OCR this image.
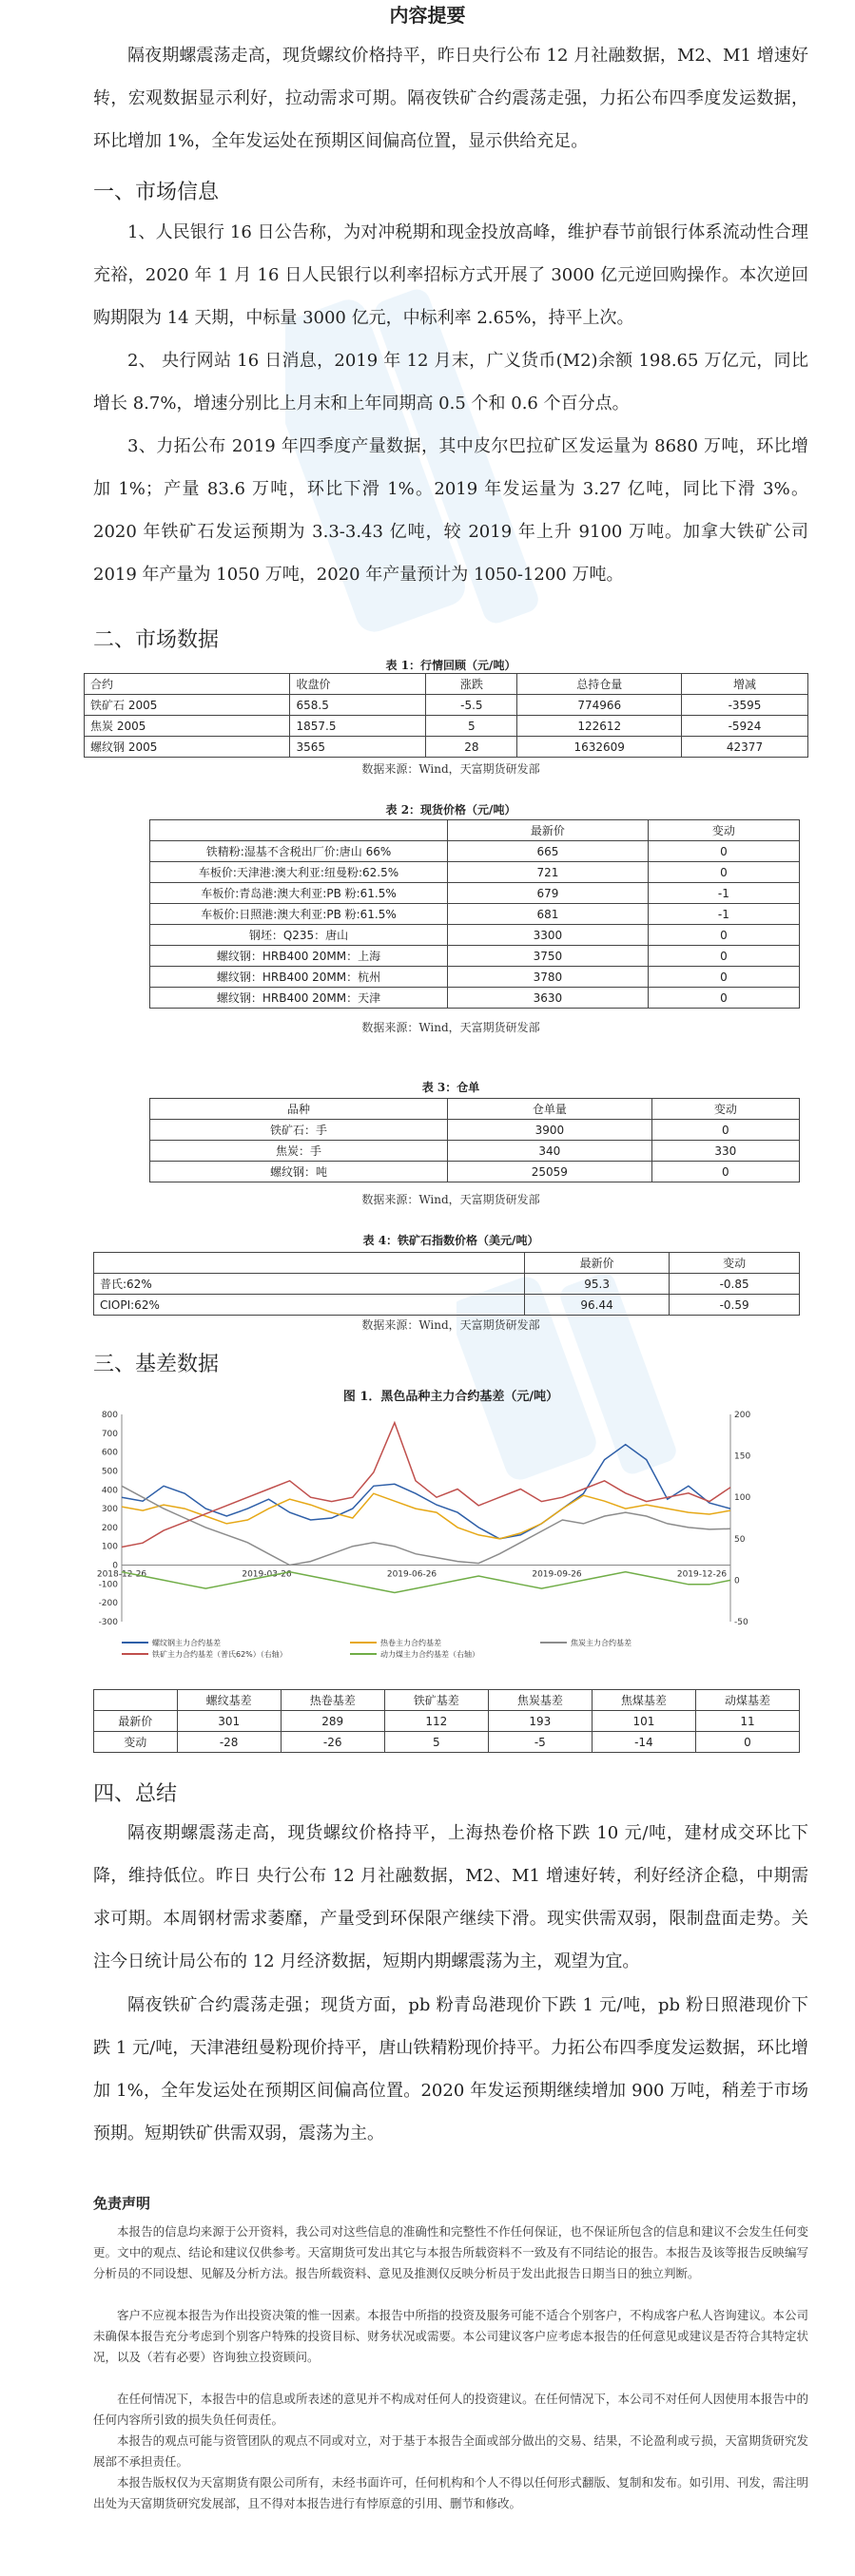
内容提要
隔夜期螺震荡走高，现货螺纹价格持平，昨日央行公布 12 月社融数据，M2、M1 增速好转，宏观数据显示利好，拉动需求可期。隔夜铁矿合约震荡走强，力拓公布四季度发运数据，环比增加 1%，全年发运处在预期区间偏高位置，显示供给充足。
一、市场信息
1、人民银行 16 日公告称，为对冲税期和现金投放高峰，维护春节前银行体系流动性合理充裕，2020 年 1 月 16 日人民银行以利率招标方式开展了 3000 亿元逆回购操作。本次逆回购期限为 14 天期，中标量 3000 亿元，中标利率 2.65%，持平上次。
2、 央行网站 16 日消息，2019 年 12 月末，广义货币(M2)余额 198.65 万亿元，同比增长 8.7%，增速分别比上月末和上年同期高 0.5 个和 0.6 个百分点。
3、力拓公布 2019 年四季度产量数据，其中皮尔巴拉矿区发运量为 8680 万吨，环比增加 1%；产量 83.6 万吨，环比下滑 1%。2019 年发运量为 3.27 亿吨，同比下滑 3%。2020 年铁矿石发运预期为 3.3-3.43 亿吨，较 2019 年上升 9100 万吨。加拿大铁矿公司 2019 年产量为 1050 万吨，2020 年产量预计为 1050-1200 万吨。
二、市场数据
表 1：行情回顾（元/吨）
合约	收盘价	涨跌	总持仓量	增减
铁矿石 2005	658.5	-5.5	774966	-3595
焦炭 2005	1857.5	5	122612	-5924
螺纹钢 2005	3565	28	1632609	42377
数据来源：Wind，天富期货研发部
表 2：现货价格（元/吨）
	最新价	变动
铁精粉:湿基不含税出厂价:唐山 66%	665	0
车板价:天津港:澳大利亚:纽曼粉:62.5%	721	0
车板价:青岛港:澳大利亚:PB 粉:61.5%	679	-1
车板价:日照港:澳大利亚:PB 粉:61.5%	681	-1
钢坯：Q235：唐山	3300	0
螺纹钢：HRB400 20MM：上海	3750	0
螺纹钢：HRB400 20MM：杭州	3780	0
螺纹钢：HRB400 20MM：天津	3630	0
数据来源：Wind，天富期货研发部
表 3：仓单
品种	仓单量	变动
铁矿石：手	3900	0
焦炭：手	340	330
螺纹钢：吨	25059	0
数据来源：Wind，天富期货研发部
表 4：铁矿石指数价格（美元/吨）
	最新价	变动
普氏:62%	95.3	-0.85
CIOPI:62%	96.44	-0.59
数据来源：Wind，天富期货研发部
三、基差数据
图 1．黑色品种主力合约基差（元/吨）
800
700
600
500
400
300
200
100
0
-100
-200
-300
200
150
100
50
0
-50
2018-12-26	2019-03-26	2019-06-26	2019-09-26	2019-12-26
螺纹钢主力合约基差	热卷主力合约基差	焦炭主力合约基差
铁矿主力合约基差（普氏62%）（右轴）	动力煤主力合约基差（右轴）
	螺纹基差	热卷基差	铁矿基差	焦炭基差	焦煤基差	动煤基差
最新价	301	289	112	193	101	11
变动	-28	-26	5	-5	-14	0
四、总结
隔夜期螺震荡走高，现货螺纹价格持平，上海热卷价格下跌 10 元/吨，建材成交环比下降，维持低位。昨日 央行公布 12 月社融数据，M2、M1 增速好转，利好经济企稳，中期需求可期。本周钢材需求萎靡，产量受到环保限产继续下滑。现实供需双弱，限制盘面走势。关注今日统计局公布的 12 月经济数据，短期内期螺震荡为主，观望为宜。
隔夜铁矿合约震荡走强；现货方面，pb 粉青岛港现价下跌 1 元/吨，pb 粉日照港现价下跌 1 元/吨，天津港纽曼粉现价持平，唐山铁精粉现价持平。力拓公布四季度发运数据，环比增加 1%，全年发运处在预期区间偏高位置。2020 年发运预期继续增加 900 万吨，稍差于市场预期。短期铁矿供需双弱，震荡为主。
免责声明
本报告的信息均来源于公开资料，我公司对这些信息的准确性和完整性不作任何保证，也不保证所包含的信息和建议不会发生任何变更。文中的观点、结论和建议仅供参考。天富期货可发出其它与本报告所载资料不一致及有不同结论的报告。本报告及该等报告反映编写分析员的不同设想、见解及分析方法。报告所载资料、意见及推测仅反映分析员于发出此报告日期当日的独立判断。
客户不应视本报告为作出投资决策的惟一因素。本报告中所指的投资及服务可能不适合个别客户，不构成客户私人咨询建议。本公司未确保本报告充分考虑到个别客户特殊的投资目标、财务状况或需要。本公司建议客户应考虑本报告的任何意见或建议是否符合其特定状况，以及（若有必要）咨询独立投资顾问。
在任何情况下，本报告中的信息或所表述的意见并不构成对任何人的投资建议。在任何情况下，本公司不对任何人因使用本报告中的任何内容所引致的损失负任何责任。
本报告的观点可能与资管团队的观点不同或对立，对于基于本报告全面或部分做出的交易、结果，不论盈利或亏损，天富期货研究发展部不承担责任。
本报告版权仅为天富期货有限公司所有，未经书面许可，任何机构和个人不得以任何形式翻版、复制和发布。如引用、刊发，需注明出处为天富期货研究发展部，且不得对本报告进行有悖原意的引用、删节和修改。
